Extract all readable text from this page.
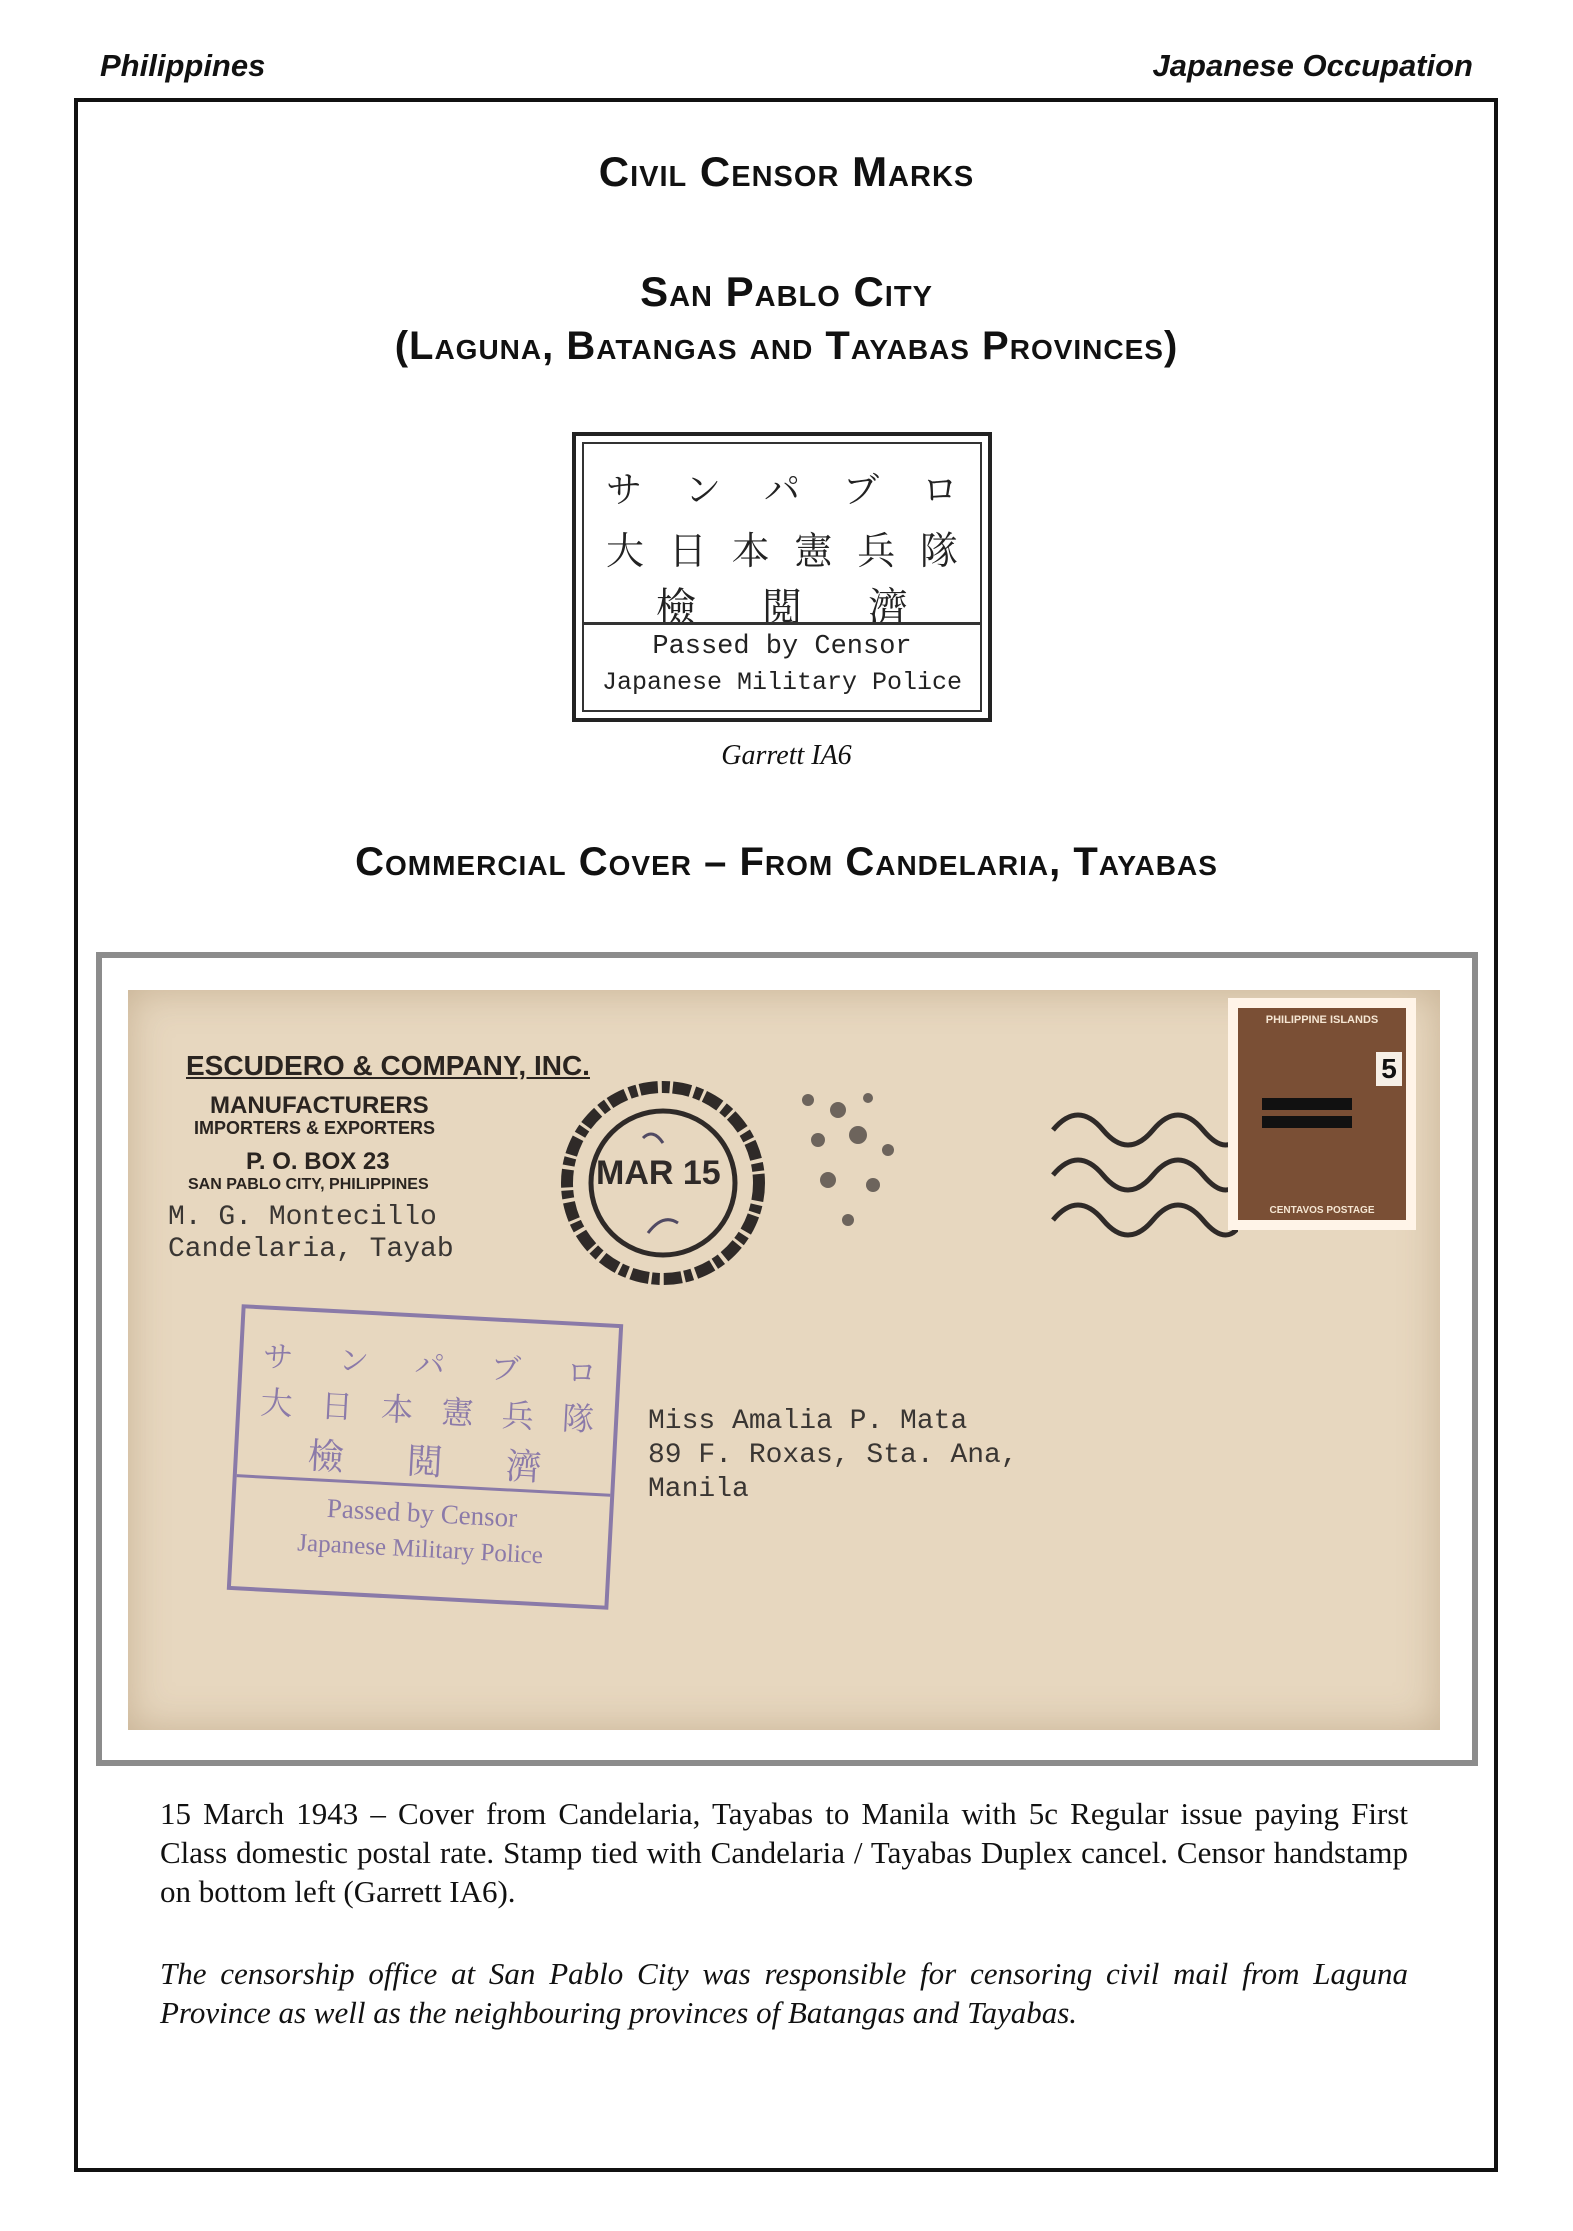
Philippines	Japanese Occupation
Civil Censor Marks
San Pablo City
(Laguna, Batangas and Tayabas Provinces)
サ ン パ ブ ロ
大 日 本 憲 兵 隊
檢 閲 濟
Passed by Censor
Japanese Military Police
Garrett IA6
Commercial Cover – From Candelaria, Tayabas
ESCUDERO & COMPANY, INC.
MANUFACTURERS
IMPORTERS & EXPORTERS
P. O. BOX 23
SAN PABLO CITY, PHILIPPINES
M. G. Montecillo
Candelaria, Tayab
MAR 15
PHILIPPINE ISLANDS
5
CENTAVOS POSTAGE
Miss Amalia P. Mata
89 F. Roxas, Sta. Ana,
Manila
サ ン パ ブ ロ
大 日 本 憲 兵 隊
檢 閲 濟
Passed by Censor
Japanese Military Police
15 March 1943 – Cover from Candelaria, Tayabas to Manila with 5c Regular issue paying First Class domestic postal rate. Stamp tied with Candelaria / Tayabas Duplex cancel. Censor handstamp on bottom left (Garrett IA6).
The censorship office at San Pablo City was responsible for censoring civil mail from Laguna Province as well as the neighbouring provinces of Batangas and Tayabas.
